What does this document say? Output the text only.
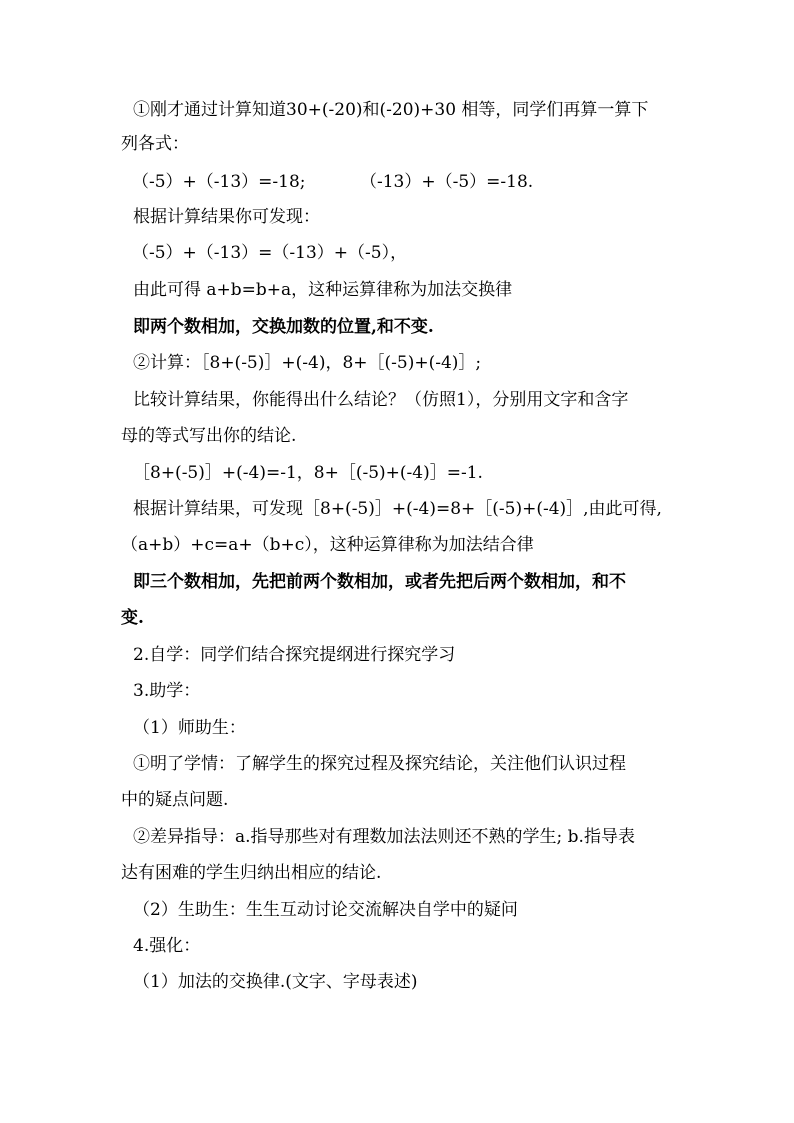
①刚才通过计算知道30+(-20)和(-20)+30 相等，同学们再算一算下
列各式：
（-5）+（-13）=-18;	（-13）+（-5）=-18.
根据计算结果你可发现：
（-5）+（-13）=（-13）+（-5），
由此可得 a+b=b+a，这种运算律称为加法交换律
即两个数相加，交换加数的位置,和不变.
②计算：［8+(-5)］+(-4)，8+［(-5)+(-4)］;
比较计算结果，你能得出什么结论？（仿照1），分别用文字和含字
母的等式写出你的结论.
［8+(-5)］+(-4)=-1，8+［(-5)+(-4)］=-1.
根据计算结果，可发现［8+(-5)］+(-4)=8+［(-5)+(-4)］,由此可得,
（a+b）+c=a+（b+c），这种运算律称为加法结合律
即三个数相加，先把前两个数相加，或者先把后两个数相加，和不
变.
2.自学：同学们结合探究提纲进行探究学习
3.助学：
（1）师助生：
①明了学情：了解学生的探究过程及探究结论，关注他们认识过程
中的疑点问题.
②差异指导：a.指导那些对有理数加法法则还不熟的学生; b.指导表
达有困难的学生归纳出相应的结论.
（2）生助生：生生互动讨论交流解决自学中的疑问
4.强化：
（1）加法的交换律.(文字、字母表述)
